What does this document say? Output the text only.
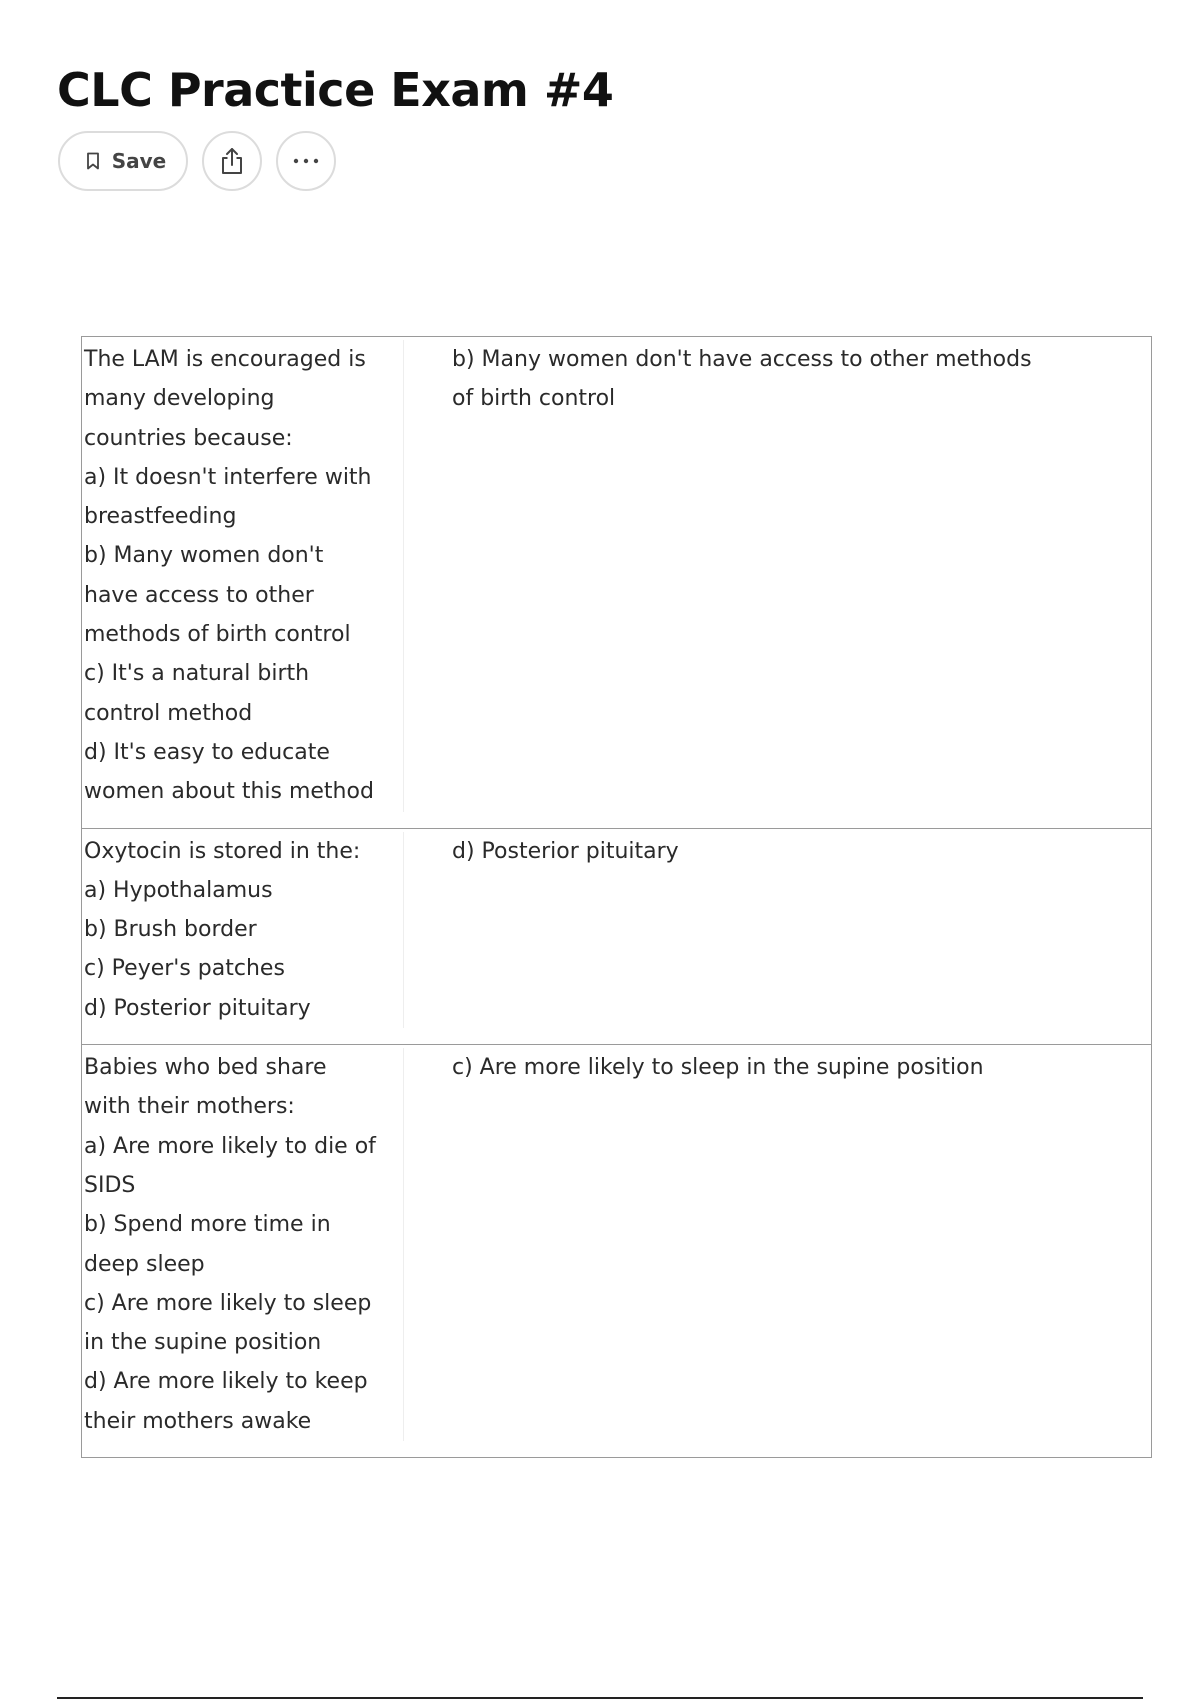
CLC Practice Exam #4
Save
The LAM is encouraged is many developing countries because:
a) It doesn't interfere with breastfeeding
b) Many women don't have access to other methods of birth control
c) It's a natural birth control method
d) It's easy to educate women about this method	b) Many women don't have access to other methods of birth control

Oxytocin is stored in the:
a) Hypothalamus
b) Brush border
c) Peyer's patches
d) Posterior pituitary	d) Posterior pituitary

Babies who bed share with their mothers:
a) Are more likely to die of SIDS
b) Spend more time in deep sleep
c) Are more likely to sleep in the supine position
d) Are more likely to keep their mothers awake	c) Are more likely to sleep in the supine position
